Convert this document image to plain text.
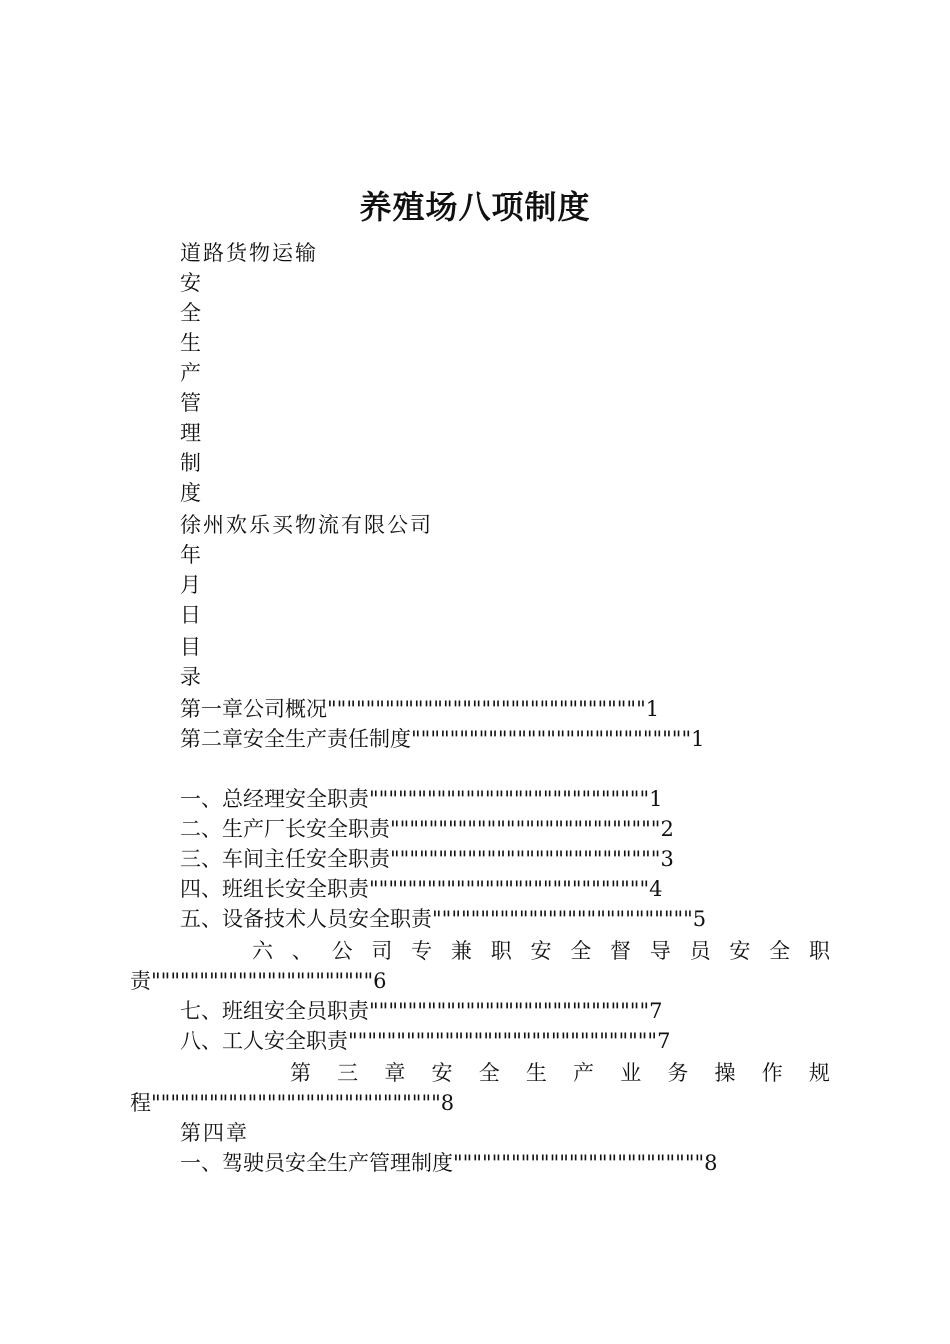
养殖场八项制度
道路货物运输
安
全
生
产
管
理
制
度
徐州欢乐买物流有限公司
年
月
日
目
录
第一章公司概况"""""""""""""""""""""""""""""""""1
第二章安全生产责任制度"""""""""""""""""""""""""""""1
一、总经理安全职责"""""""""""""""""""""""""""""1
二、生产厂长安全职责""""""""""""""""""""""""""""2
三、车间主任安全职责""""""""""""""""""""""""""""3
四、班组长安全职责"""""""""""""""""""""""""""""4
五、设备技术人员安全职责"""""""""""""""""""""""""""5
六 、 公 司 专 兼 职 安 全 督 导 员 安 全 职
责"""""""""""""""""""""""6
七、班组安全员职责"""""""""""""""""""""""""""""7
八、工人安全职责""""""""""""""""""""""""""""""""7
第 三 章 安 全 生 产 业 务 操 作 规
程""""""""""""""""""""""""""""""8
第四章
一、驾驶员安全生产管理制度""""""""""""""""""""""""""8
